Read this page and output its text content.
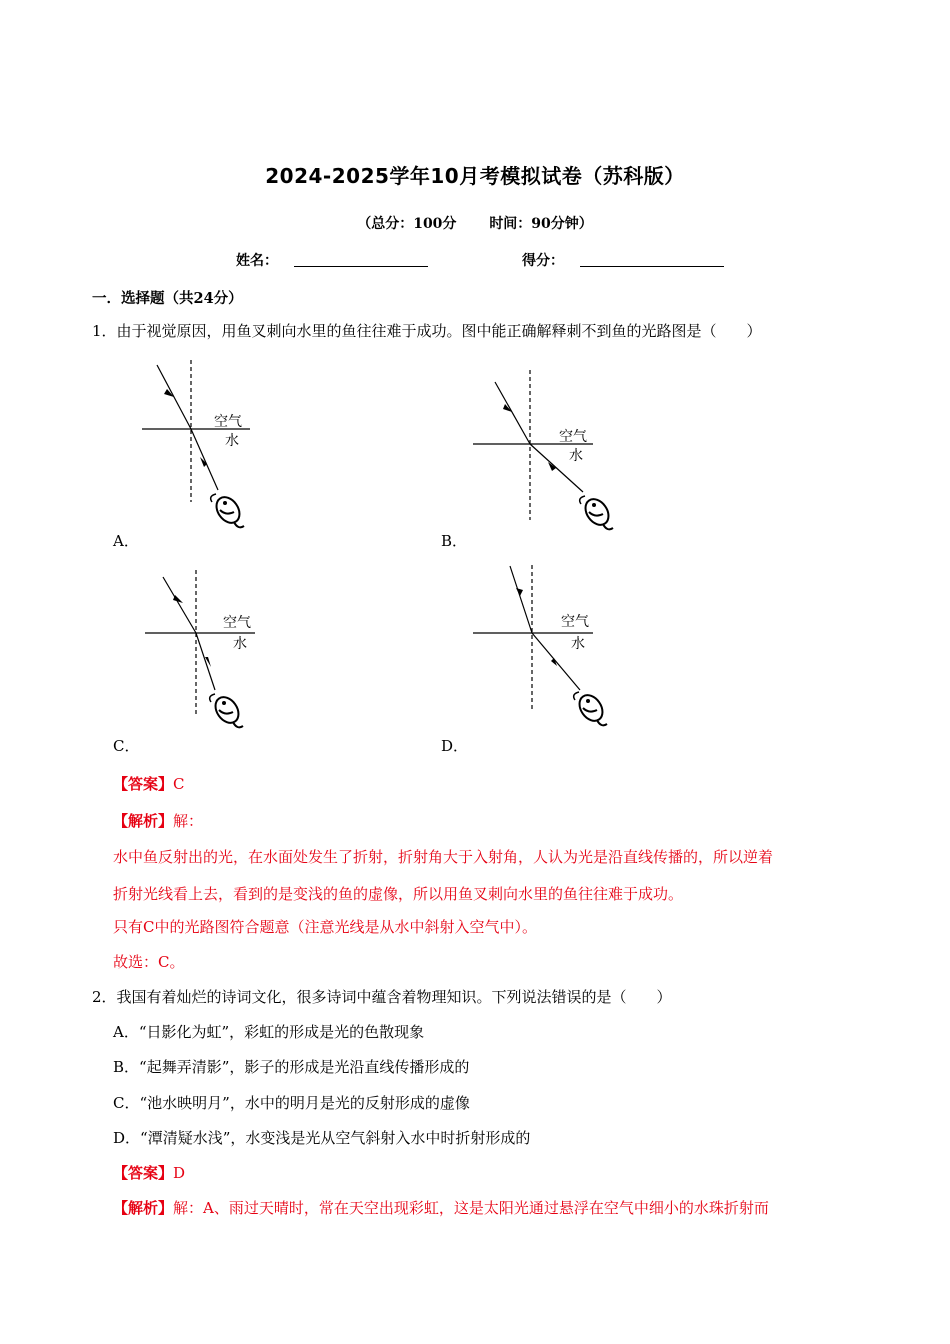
2024-2025学年10月考模拟试卷（苏科版）
（总分：100分 时间：90分钟）
姓名：	得分：
一．选择题（共24分）
1．由于视觉原因，用鱼叉刺向水里的鱼往往难于成功。图中能正确解释刺不到鱼的光路图是（　　）
空气
水
A．
空气
水
B．
空气
水
C．
空气
水
D．
【答案】C
【解析】解：
水中鱼反射出的光，在水面处发生了折射，折射角大于入射角，人认为光是沿直线传播的，所以逆着
折射光线看上去，看到的是变浅的鱼的虚像，所以用鱼叉刺向水里的鱼往往难于成功。
只有C中的光路图符合题意（注意光线是从水中斜射入空气中）。
故选：C。
2．我国有着灿烂的诗词文化，很多诗词中蕴含着物理知识。下列说法错误的是（　　）
A．“日影化为虹”，彩虹的形成是光的色散现象
B．“起舞弄清影”，影子的形成是光沿直线传播形成的
C．“池水映明月”，水中的明月是光的反射形成的虚像
D．“潭清疑水浅”，水变浅是光从空气斜射入水中时折射形成的
【答案】D
【解析】解：A、雨过天晴时，常在天空出现彩虹，这是太阳光通过悬浮在空气中细小的水珠折射而
